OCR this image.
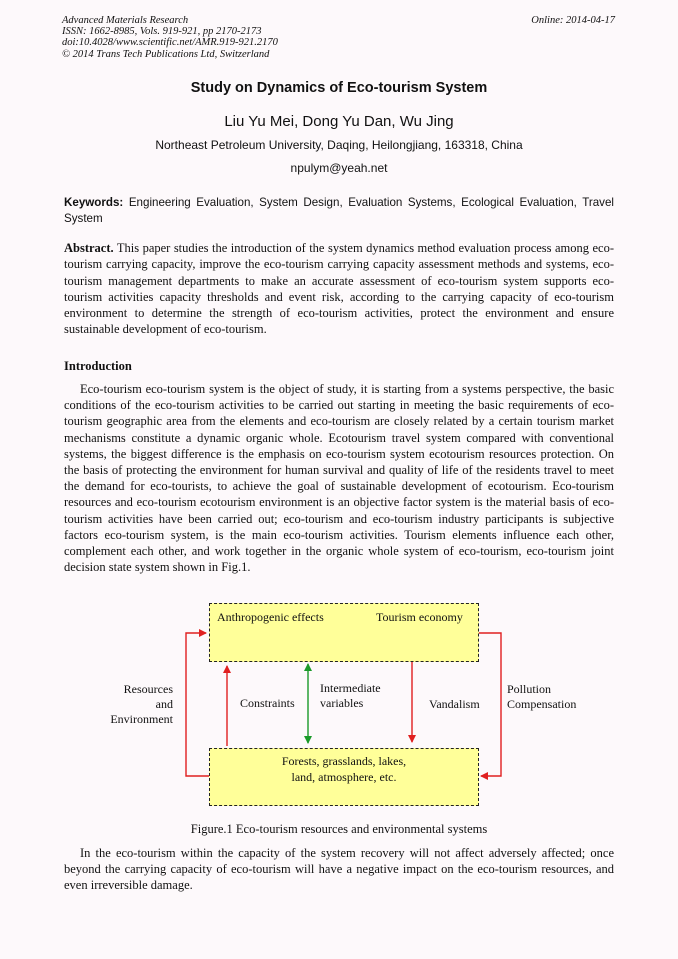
Advanced Materials Research
ISSN: 1662-8985, Vols. 919-921, pp 2170-2173
doi:10.4028/www.scientific.net/AMR.919-921.2170
© 2014 Trans Tech Publications Ltd, Switzerland
Online: 2014-04-17
Study on Dynamics of Eco-tourism System
Liu Yu Mei, Dong Yu Dan, Wu Jing
Northeast Petroleum University, Daqing, Heilongjiang, 163318, China
npulym@yeah.net
Keywords: Engineering Evaluation, System Design, Evaluation Systems, Ecological Evaluation, Travel System
Abstract. This paper studies the introduction of the system dynamics method evaluation process among eco-tourism carrying capacity, improve the eco-tourism carrying capacity assessment methods and systems, eco-tourism management departments to make an accurate assessment of eco-tourism system supports eco-tourism activities capacity thresholds and event risk, according to the carrying capacity of eco-tourism environment to determine the strength of eco-tourism activities, protect the environment and ensure sustainable development of eco-tourism.
Introduction

Eco-tourism eco-tourism system is the object of study, it is starting from a systems perspective, the basic conditions of the eco-tourism activities to be carried out starting in meeting the basic requirements of eco-tourism geographic area from the elements and eco-tourism are closely related by a certain tourism market mechanisms constitute a dynamic organic whole. Ecotourism travel system compared with conventional systems, the biggest difference is the emphasis on eco-tourism system ecotourism resources protection. On the basis of protecting the environment for human survival and quality of life of the residents travel to meet the demand for eco-tourists, to achieve the goal of sustainable development of ecotourism. Eco-tourism resources and eco-tourism ecotourism environment is an objective factor system is the material basis of eco-tourism activities have been carried out; eco-tourism and eco-tourism industry participants is subjective factors eco-tourism system, is the main eco-tourism activities. Tourism elements influence each other, complement each other, and work together in the organic whole system of eco-tourism, eco-tourism joint decision state system shown in Fig.1.

Anthropogenic effects	Tourism economy
Forests, grasslands, lakes,
land, atmosphere, etc.
Resources
and
Environment
Constraints
Intermediate
variables	Vandalism
Pollution
Compensation
Figure.1 Eco-tourism resources and environmental systems

In the eco-tourism within the capacity of the system recovery will not affect adversely affected; once beyond the carrying capacity of eco-tourism will have a negative impact on the eco-tourism resources, and even irreversible damage.
